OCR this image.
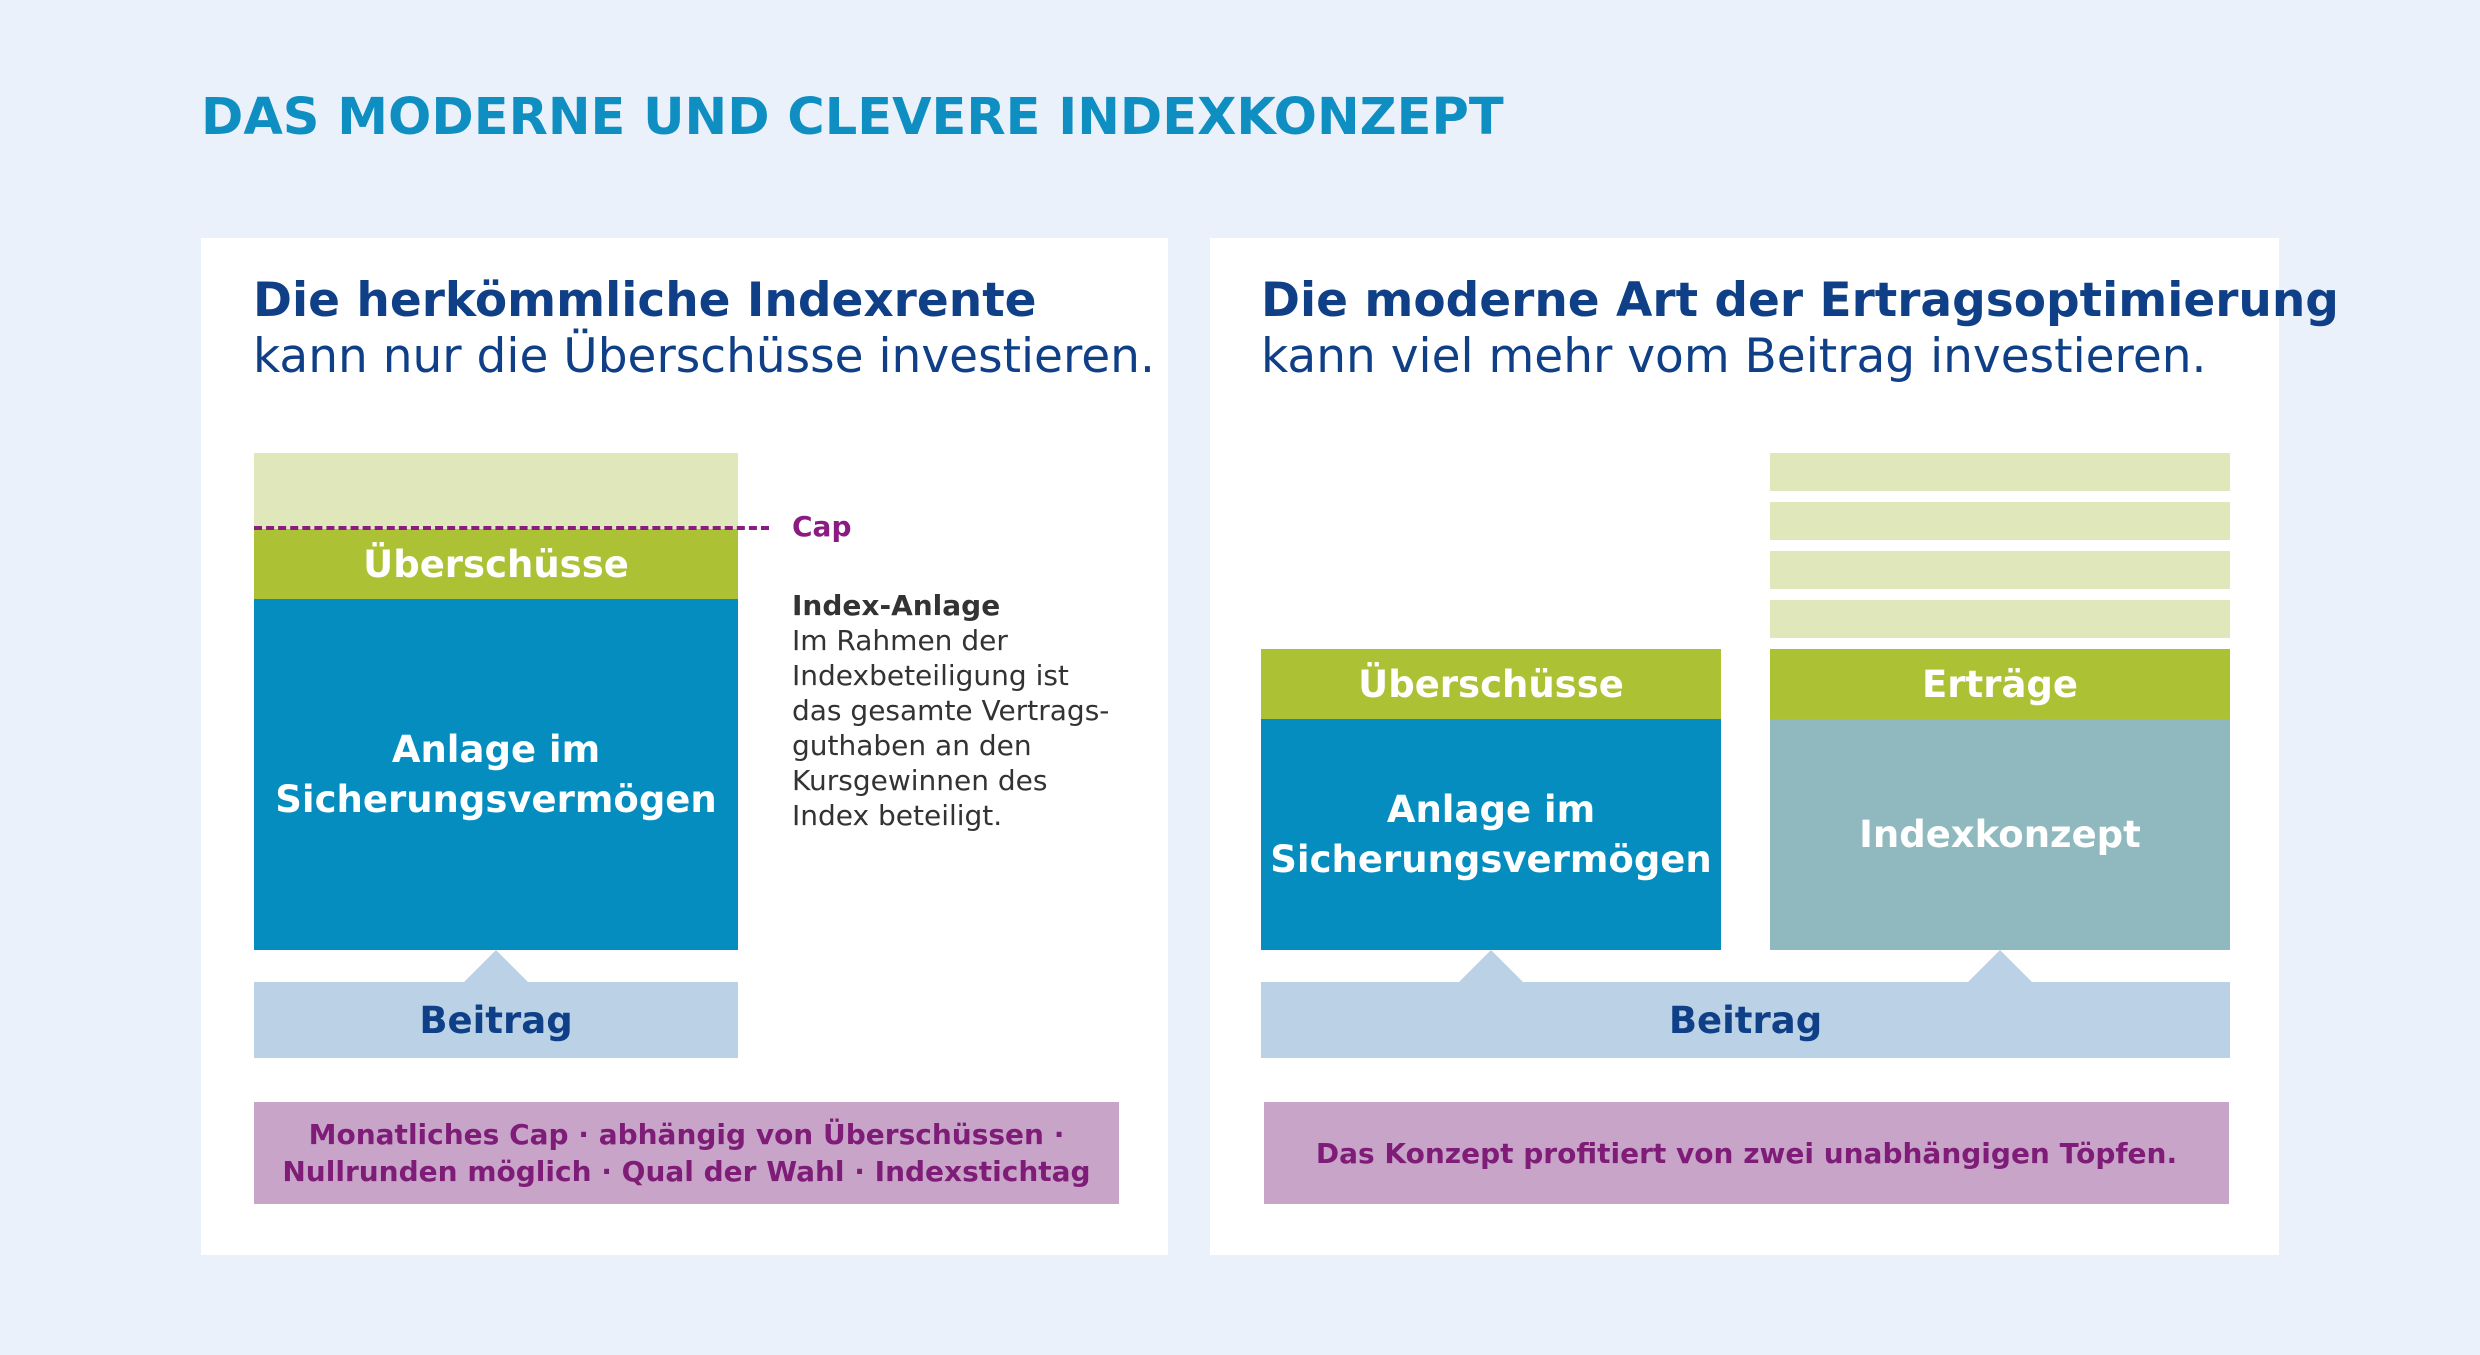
DAS MODERNE UND CLEVERE INDEXKONZEPT

Die herkömmliche Indexrente

kann nur die Überschüsse investieren.

Überschüsse
Anlage im
Sicherungsvermögen
Cap

Index-Anlage

Im Rahmen der
Indexbeteiligung ist
das gesamte Vertrags-
guthaben an den
Kursgewinnen des
Index beteiligt.

Beitrag
Monatliches Cap · abhängig von Überschüssen ·
Nullrunden möglich · Qual der Wahl · Indexstichtag

Die moderne Art der Ertragsoptimierung

kann viel mehr vom Beitrag investieren.

Überschüsse
Anlage im
Sicherungsvermögen
Erträge
Indexkonzept
Beitrag
Das Konzept profitiert von zwei unabhängigen Töpfen.
